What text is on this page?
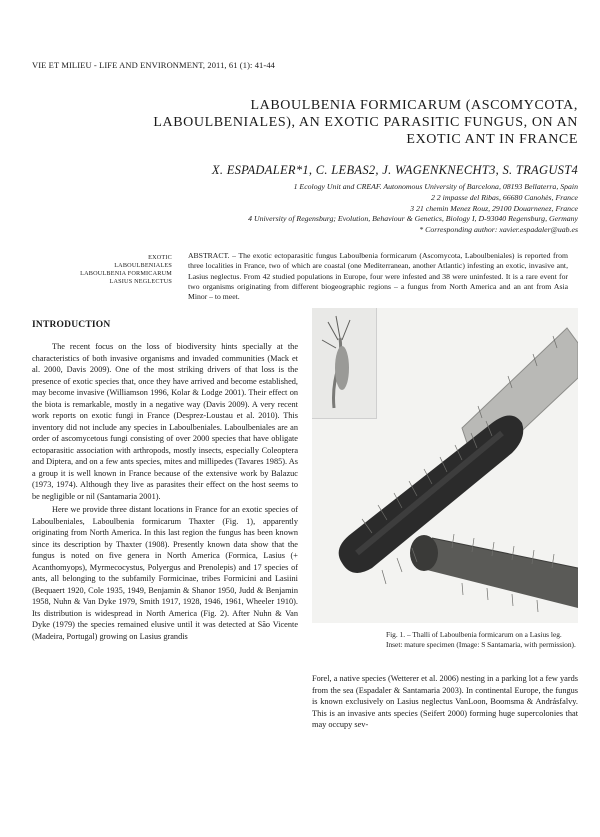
VIE ET MILIEU - LIFE AND ENVIRONMENT, 2011, 61 (1): 41-44
LABOULBENIA FORMICARUM (ASCOMYCOTA,
LABOULBENIALES), AN EXOTIC PARASITIC FUNGUS, ON AN
EXOTIC ANT IN FRANCE
X. ESPADALER*1, C. LEBAS2, J. WAGENKNECHT3, S. TRAGUST4
1 Ecology Unit and CREAF. Autonomous University of Barcelona, 08193 Bellaterra, Spain
2 2 impasse del Ribas, 66680 Canohès, France
3 21 chemin Menez Rouz, 29100 Douarnenez, France
4 University of Regensburg; Evolution, Behaviour & Genetics, Biology I, D-93040 Regensburg, Germany
* Corresponding author: xavier.espadaler@uab.es
EXOTIC
LABOULBENIALES
LABOULBENIA FORMICARUM
LASIUS NEGLECTUS
ABSTRACT. – The exotic ectoparasitic fungus Laboulbenia formicarum (Ascomycota, Laboulbeniales) is reported from three localities in France, two of which are coastal (one Mediterranean, another Atlantic) infesting an exotic, invasive ant, Lasius neglectus. From 42 studied populations in Europe, four were infested and 38 were uninfested. It is a rare event for two organisms originating from different biogeographic regions – a fungus from North America and an ant from Asia Minor – to meet.
INTRODUCTION

The recent focus on the loss of biodiversity hints specially at the characteristics of both invasive organisms and invaded communities (Mack et al. 2000, Davis 2009). One of the most striking drivers of that loss is the presence of exotic species that, once they have arrived and become established, may become invasive (Williamson 1996, Kolar & Lodge 2001). Their effect on the biota is remarkable, mostly in a negative way (Davis 2009). A very recent work reports on exotic fungi in France (Desprez-Loustau et al. 2010). This inventory did not include any species in Laboulbeniales. Laboulbeniales are an order of ascomycetous fungi consisting of over 2000 species that have obligate ectoparasitic association with arthropods, mostly insects, especially Coleoptera and Diptera, and on a few ants species, mites and millipedes (Tavares 1985). As a group it is well known in France because of the extensive work by Balazuc (1973, 1974). Although they live as parasites their effect on the host seems to be negligible or nil (Santamaria 2001).

Here we provide three distant locations in France for an exotic species of Laboulbeniales, Laboulbenia formicarum Thaxter (Fig. 1), apparently originating from North America. In this last region the fungus has been known since its description by Thaxter (1908). Presently known data show that the fungus is noted on five genera in North America (Formica, Lasius (+ Acanthomyops), Myrmecocystus, Polyergus and Prenolepis) and 17 species of ants, all belonging to the subfamily Formicinae, tribes Formicini and Lasiini (Bequaert 1920, Cole 1935, 1949, Benjamin & Shanor 1950, Judd & Benjamin 1958, Nuhn & Van Dyke 1979, Smith 1917, 1928, 1946, 1961, Wheeler 1910). Its distribution is widespread in North America (Fig. 2). After Nuhn & Van Dyke (1979) the species remained elusive until it was detected at São Vicente (Madeira, Portugal) growing on Lasius grandis	Fig. 1. – Thalli of Laboulbenia formicarum on a Lasius leg. Inset: mature specimen (Image: S Santamaria, with permission).

Forel, a native species (Wetterer et al. 2006) nesting in a parking lot a few yards from the sea (Espadaler & Santamaria 2003). In continental Europe, the fungus is known exclusively on Lasius neglectus VanLoon, Boomsma & Andrásfalvy. This is an invasive ants species (Seifert 2000) forming huge supercolonies that may occupy sev-
